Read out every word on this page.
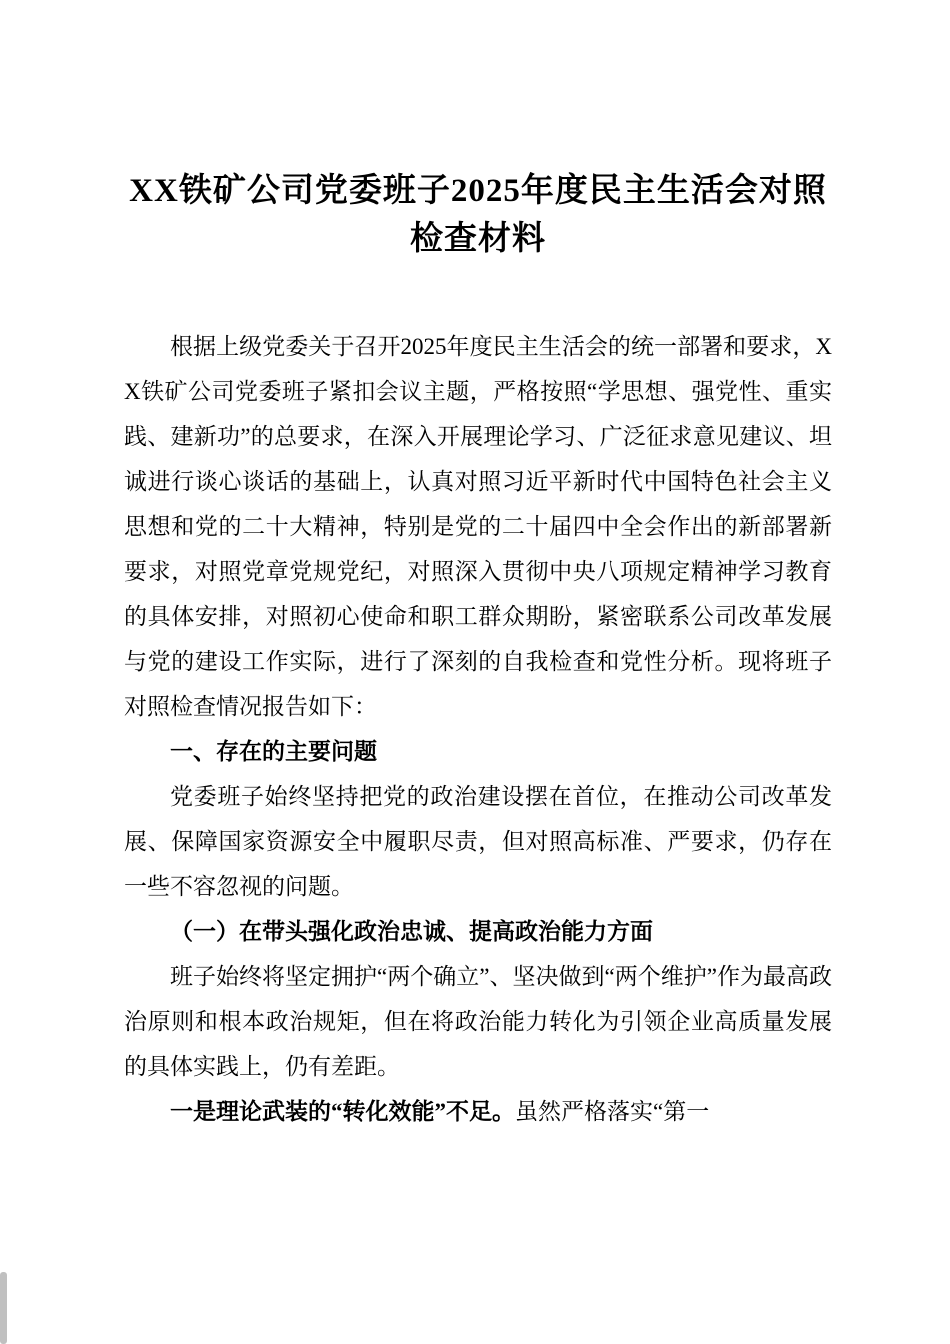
XX铁矿公司党委班子2025年度民主生活会对照检查材料

根据上级党委关于召开2025年度民主生活会的统一部署和要求，XX铁矿公司党委班子紧扣会议主题，严格按照“学思想、强党性、重实践、建新功”的总要求，在深入开展理论学习、广泛征求意见建议、坦诚进行谈心谈话的基础上，认真对照习近平新时代中国特色社会主义思想和党的二十大精神，特别是党的二十届四中全会作出的新部署新要求，对照党章党规党纪，对照深入贯彻中央八项规定精神学习教育的具体安排，对照初心使命和职工群众期盼，紧密联系公司改革发展与党的建设工作实际，进行了深刻的自我检查和党性分析。现将班子对照检查情况报告如下：

一、存在的主要问题

党委班子始终坚持把党的政治建设摆在首位，在推动公司改革发展、保障国家资源安全中履职尽责，但对照高标准、严要求，仍存在一些不容忽视的问题。

（一）在带头强化政治忠诚、提高政治能力方面

班子始终将坚定拥护“两个确立”、坚决做到“两个维护”作为最高政治原则和根本政治规矩，但在将政治能力转化为引领企业高质量发展的具体实践上，仍有差距。

一是理论武装的“转化效能”不足。虽然严格落实“第一
